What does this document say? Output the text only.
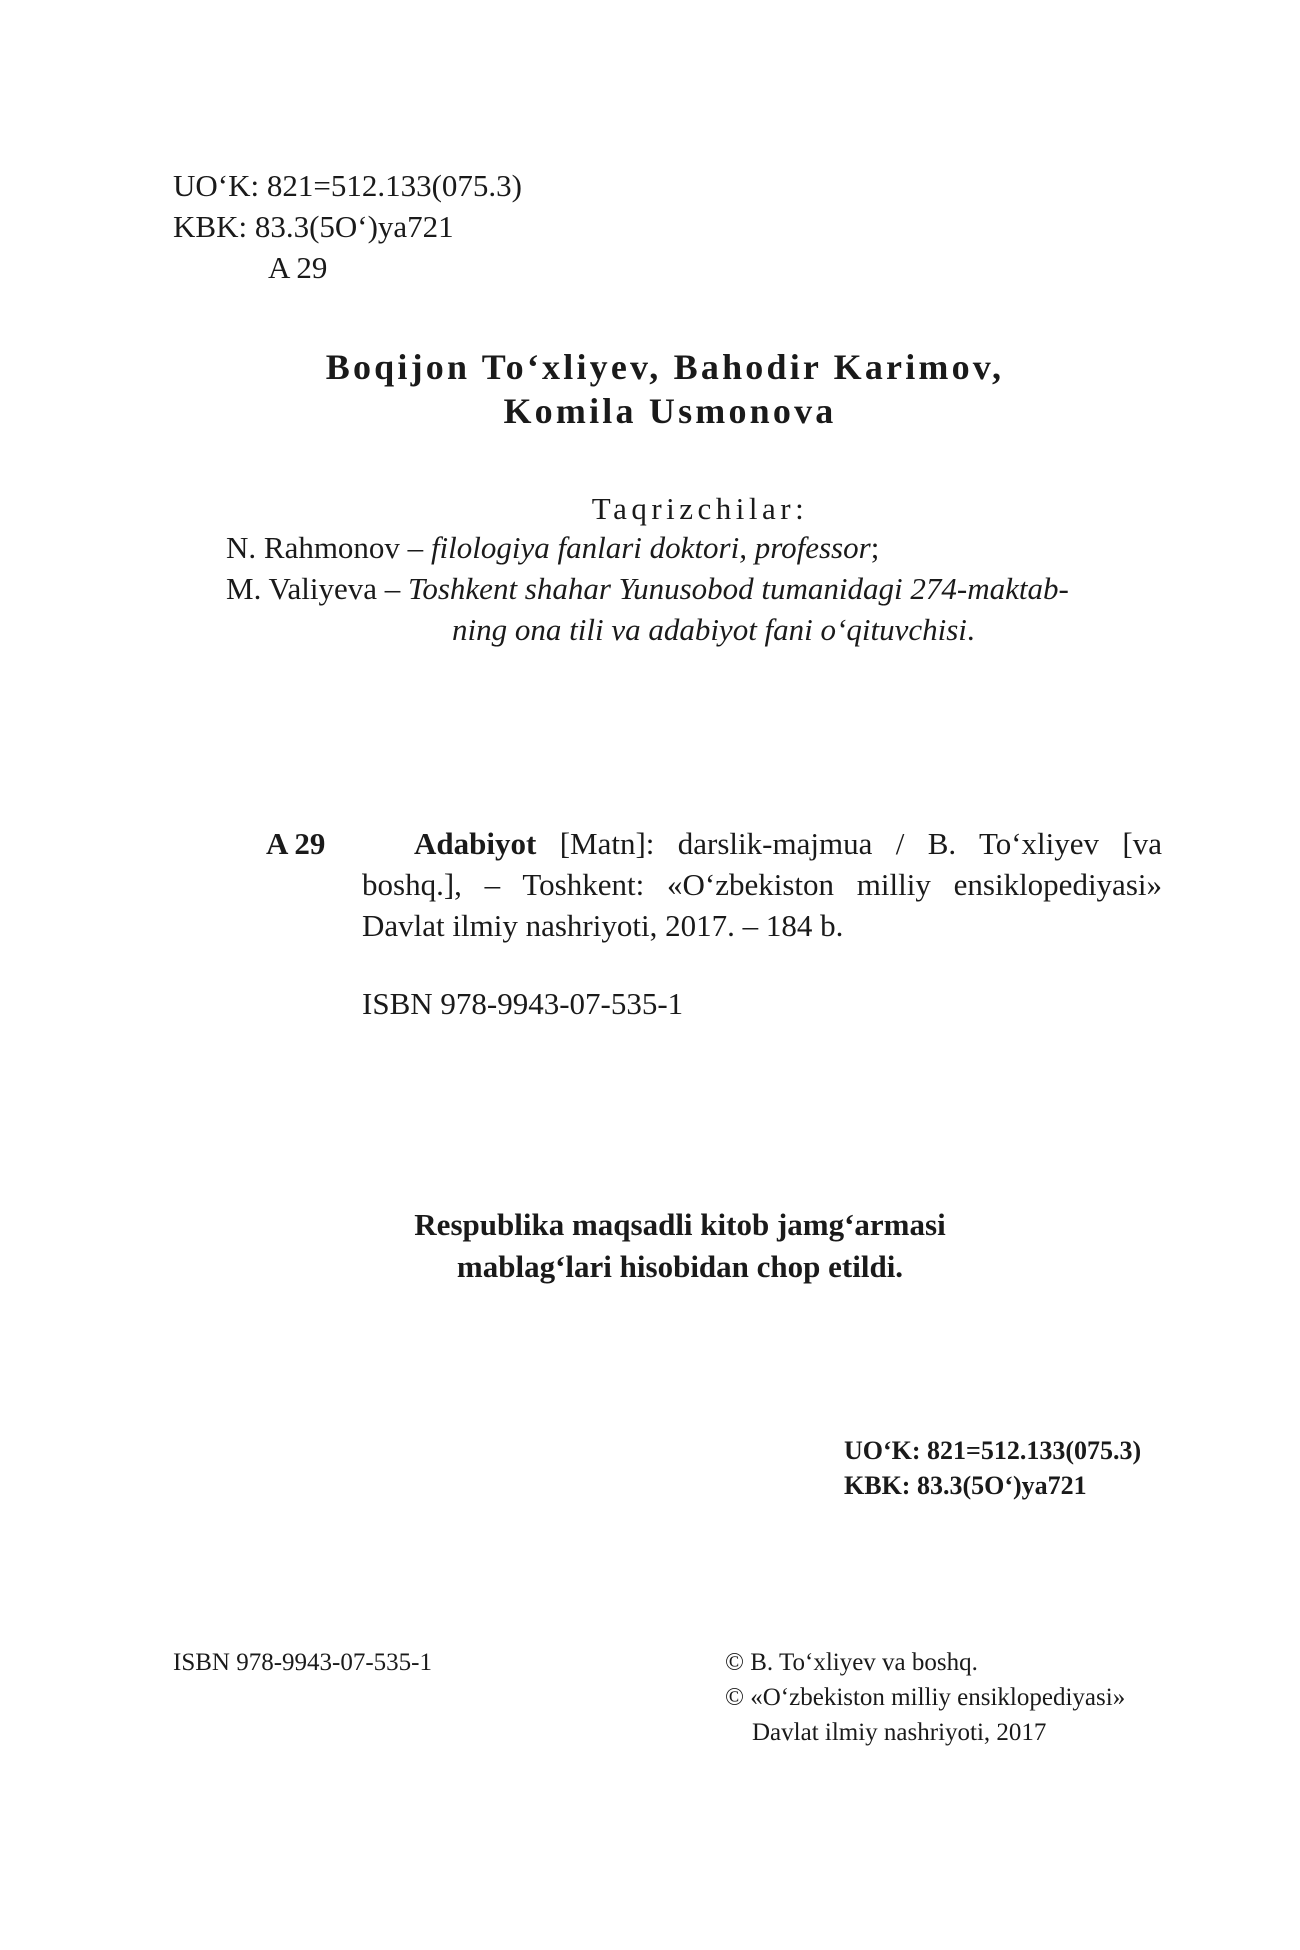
UO‘K: 821=512.133(075.3)
KBK: 83.3(5O‘)ya721
A 29
Boqijon To‘xliyev, Bahodir Karimov,
Komila Usmonova
Taqrizchilar:
N. Rahmonov – filologiya fanlari doktori, professor;
M. Valiyeva – Toshkent shahar Yunusobod tumanidagi 274-maktab-
ning ona tili va adabiyot fani o‘qituvchisi.
A 29	Adabiyot [Matn]: darslik-majmua / B. To‘xliyev [va
boshq.], – Toshkent: «O‘zbekiston milliy ensiklopediyasi»
Davlat ilmiy nashriyoti, 2017. – 184 b.
ISBN 978-9943-07-535-1
Respublika maqsadli kitob jamg‘armasi
mablag‘lari hisobidan chop etildi.
UO‘K: 821=512.133(075.3)
KBK: 83.3(5O‘)ya721
ISBN 978-9943-07-535-1	© B. To‘xliyev va boshq.
© «O‘zbekiston milliy ensiklopediyasi»
Davlat ilmiy nashriyoti, 2017
